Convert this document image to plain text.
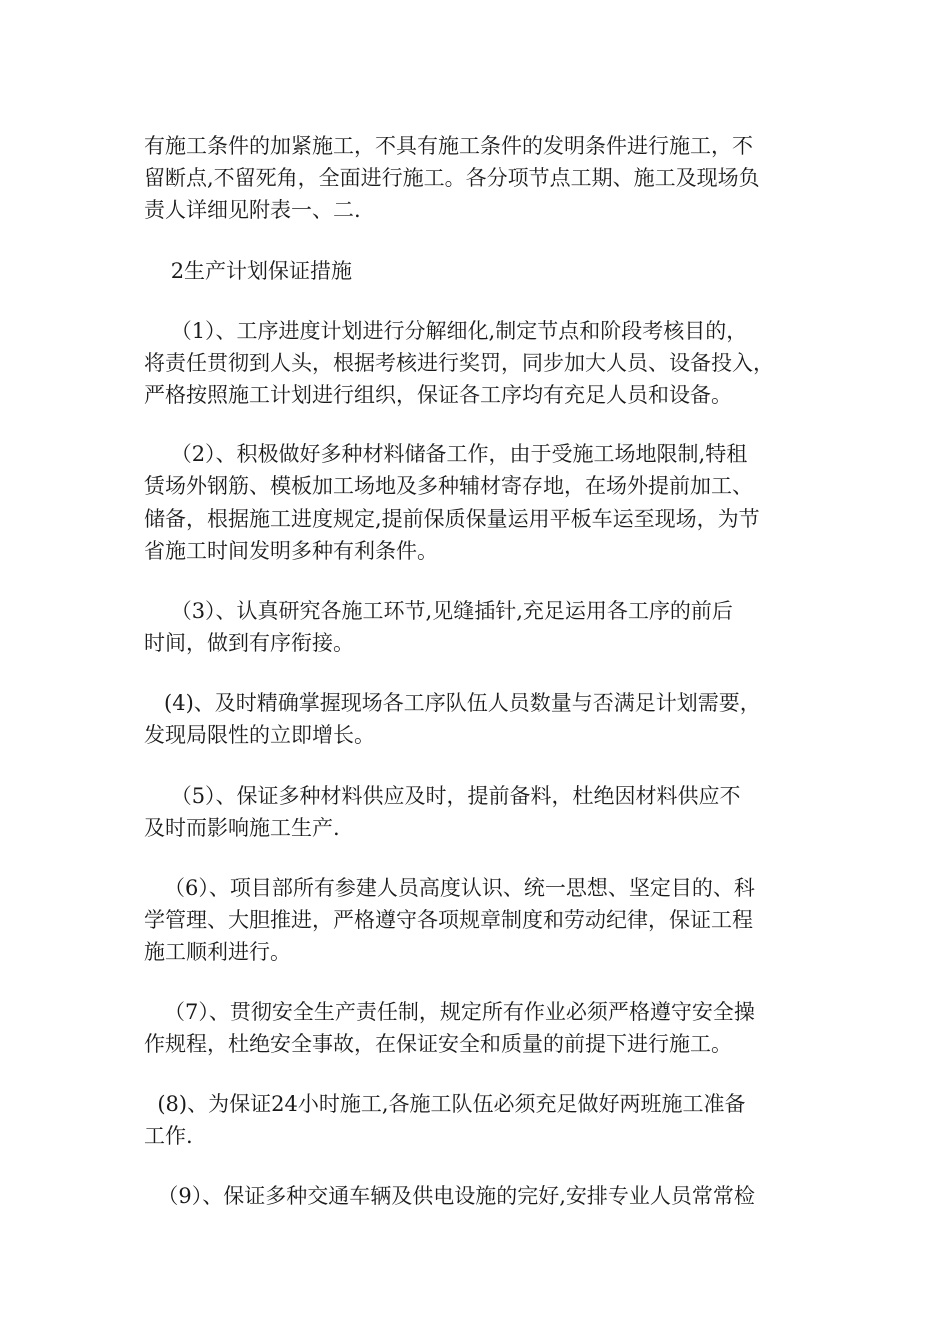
有施工条件的加紧施工，不具有施工条件的发明条件进行施工，不
留断点,不留死角，全面进行施工。各分项节点工期、施工及现场负
责人详细见附表一、二.
2生产计划保证措施
（1）、工序进度计划进行分解细化,制定节点和阶段考核目的，
将责任贯彻到人头，根据考核进行奖罚，同步加大人员、设备投入，
严格按照施工计划进行组织，保证各工序均有充足人员和设备。
（2）、积极做好多种材料储备工作，由于受施工场地限制,特租
赁场外钢筋、模板加工场地及多种辅材寄存地，在场外提前加工、
储备，根据施工进度规定,提前保质保量运用平板车运至现场，为节
省施工时间发明多种有利条件。
（3）、认真研究各施工环节,见缝插针,充足运用各工序的前后
时间，做到有序衔接。
(4)、及时精确掌握现场各工序队伍人员数量与否满足计划需要，
发现局限性的立即增长。
（5）、保证多种材料供应及时，提前备料，杜绝因材料供应不
及时而影响施工生产.
（6）、项目部所有参建人员高度认识、统一思想、坚定目的、科
学管理、大胆推进，严格遵守各项规章制度和劳动纪律，保证工程
施工顺利进行。
（7）、贯彻安全生产责任制，规定所有作业必须严格遵守安全操
作规程，杜绝安全事故，在保证安全和质量的前提下进行施工。
(8)、为保证24小时施工,各施工队伍必须充足做好两班施工准备
工作.
（9）、保证多种交通车辆及供电设施的完好,安排专业人员常常检
